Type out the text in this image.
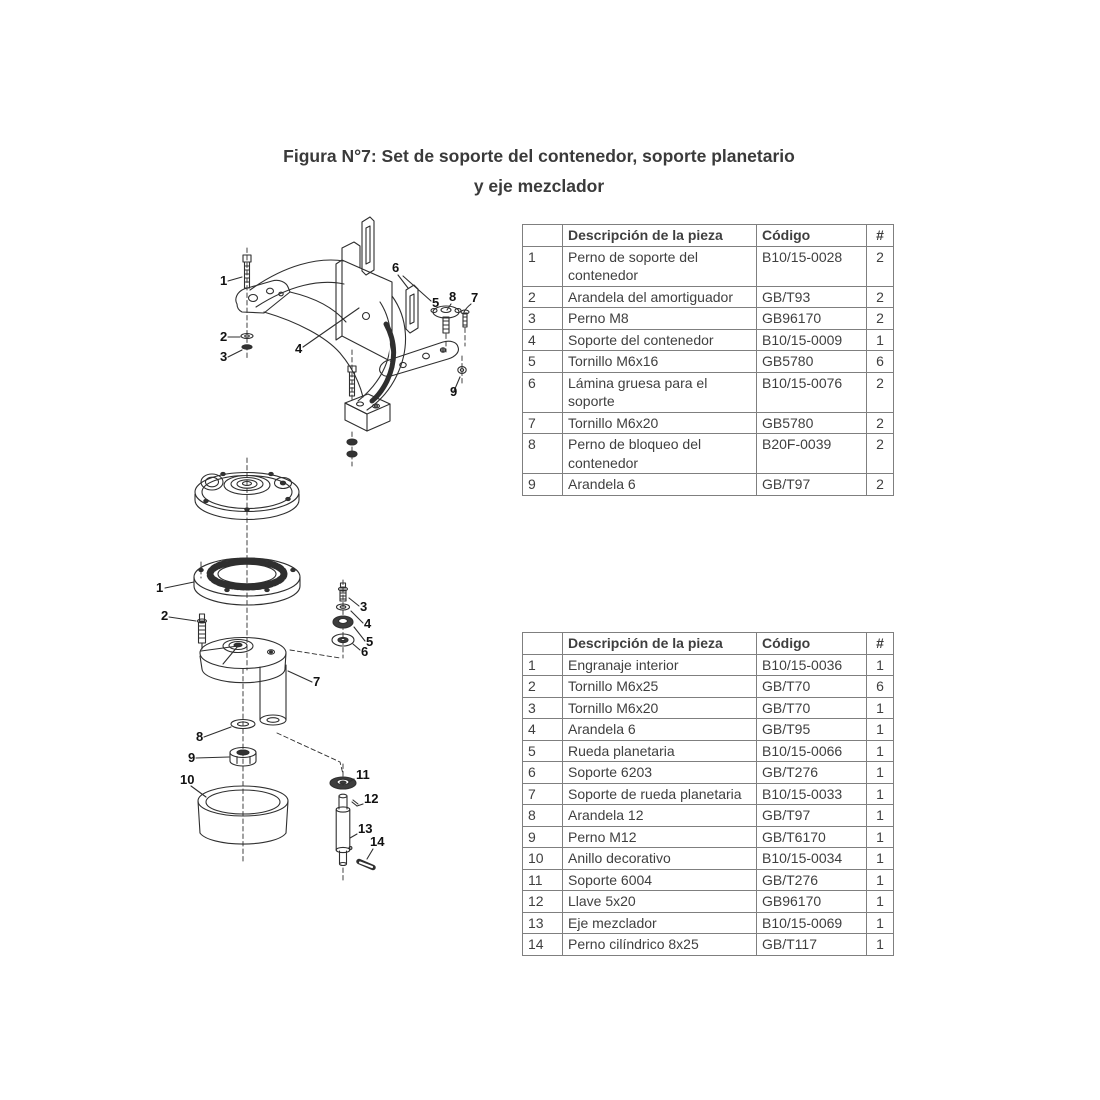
Figura N°7: Set de soporte del contenedor, soporte planetario
y eje mezclador
	Descripción de la pieza	Código	#
1	Perno de soporte del contenedor	B10/15-0028	2
2	Arandela del amortiguador	GB/T93	2
3	Perno M8	GB96170	2
4	Soporte del contenedor	B10/15-0009	1
5	Tornillo M6x16	GB5780	6
6	Lámina gruesa para el soporte	B10/15-0076	2
7	Tornillo M6x20	GB5780	2
8	Perno de bloqueo del contenedor	B20F-0039	2
9	Arandela 6	GB/T97	2
	Descripción de la pieza	Código	#
1	Engranaje interior	B10/15-0036	1
2	Tornillo M6x25	GB/T70	6
3	Tornillo M6x20	GB/T70	1
4	Arandela 6	GB/T95	1
5	Rueda planetaria	B10/15-0066	1
6	Soporte 6203	GB/T276	1
7	Soporte de rueda planetaria	B10/15-0033	1
8	Arandela 12	GB/T97	1
9	Perno M12	GB/T6170	1
10	Anillo decorativo	B10/15-0034	1
11	Soporte 6004	GB/T276	1
12	Llave 5x20	GB96170	1
13	Eje mezclador	B10/15-0069	1
14	Perno cilíndrico 8x25	GB/T117	1
1
2
3
4
5
6
7
8
9
1
2
3
4
5
6
7
8
9
10	11
12
13
14
